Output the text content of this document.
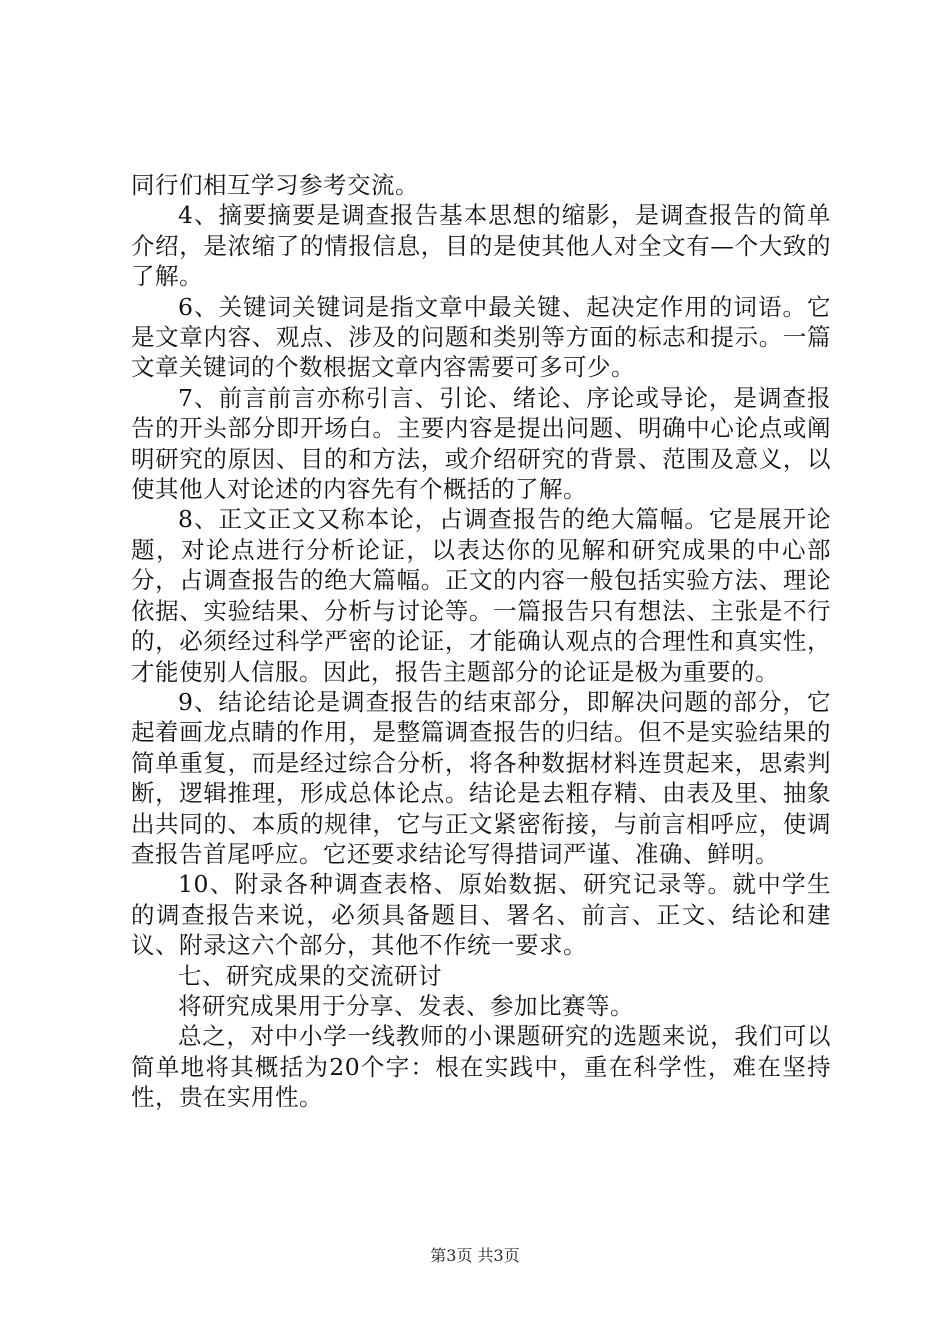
同行们相互学习参考交流。

4、摘要摘要是调查报告基本思想的缩影，是调查报告的简单介绍，是浓缩了的情报信息，目的是使其他人对全文有—个大致的了解。

6、关键词关键词是指文章中最关键、起决定作用的词语。它是文章内容、观点、涉及的问题和类别等方面的标志和提示。一篇文章关键词的个数根据文章内容需要可多可少。

7、前言前言亦称引言、引论、绪论、序论或导论，是调查报告的开头部分即开场白。主要内容是提出问题、明确中心论点或阐明研究的原因、目的和方法，或介绍研究的背景、范围及意义，以使其他人对论述的内容先有个概括的了解。

8、正文正文又称本论，占调查报告的绝大篇幅。它是展开论题，对论点进行分析论证，以表达你的见解和研究成果的中心部分，占调查报告的绝大篇幅。正文的内容一般包括实验方法、理论依据、实验结果、分析与讨论等。一篇报告只有想法、主张是不行的，必须经过科学严密的论证，才能确认观点的合理性和真实性，才能使别人信服。因此，报告主题部分的论证是极为重要的。

9、结论结论是调查报告的结束部分，即解决问题的部分，它起着画龙点睛的作用，是整篇调查报告的归结。但不是实验结果的简单重复，而是经过综合分析，将各种数据材料连贯起来，思索判断，逻辑推理，形成总体论点。结论是去粗存精、由表及里、抽象出共同的、本质的规律，它与正文紧密衔接，与前言相呼应，使调查报告首尾呼应。它还要求结论写得措词严谨、准确、鲜明。

10、附录各种调查表格、原始数据、研究记录等。就中学生的调查报告来说，必须具备题目、署名、前言、正文、结论和建议、附录这六个部分，其他不作统一要求。

七、研究成果的交流研讨

将研究成果用于分享、发表、参加比赛等。

总之，对中小学一线教师的小课题研究的选题来说，我们可以简单地将其概括为20个字：根在实践中，重在科学性，难在坚持性，贵在实用性。

第3页 共3页
